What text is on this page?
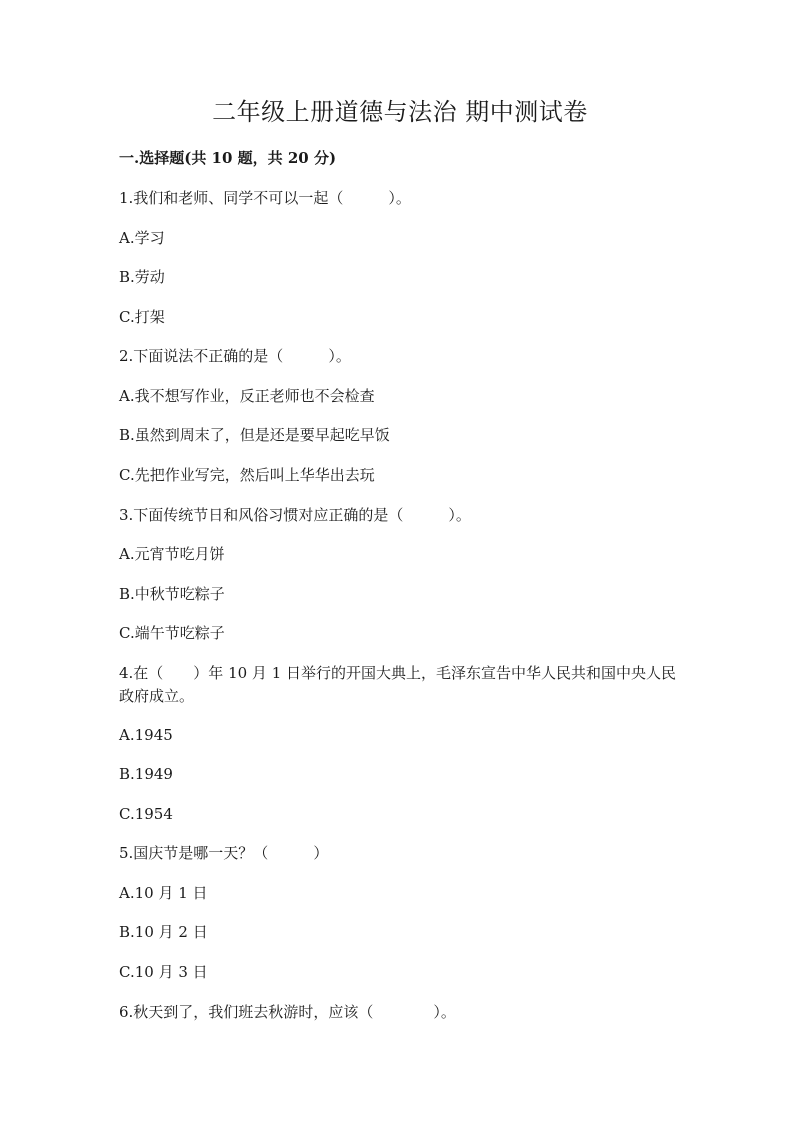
二年级上册道德与法治 期中测试卷
一.选择题(共 10 题，共 20 分)
1.我们和老师、同学不可以一起（　　　）。
A.学习
B.劳动
C.打架
2.下面说法不正确的是（　　　）。
A.我不想写作业，反正老师也不会检查
B.虽然到周末了，但是还是要早起吃早饭
C.先把作业写完，然后叫上华华出去玩
3.下面传统节日和风俗习惯对应正确的是（　　　）。
A.元宵节吃月饼
B.中秋节吃粽子
C.端午节吃粽子
4.在（　　）年 10 月 1 日举行的开国大典上，毛泽东宣告中华人民共和国中央人民政府成立。
A.1945
B.1949
C.1954
5.国庆节是哪一天？（　　　）
A.10 月 1 日
B.10 月 2 日
C.10 月 3 日
6.秋天到了，我们班去秋游时，应该（　　　　）。
